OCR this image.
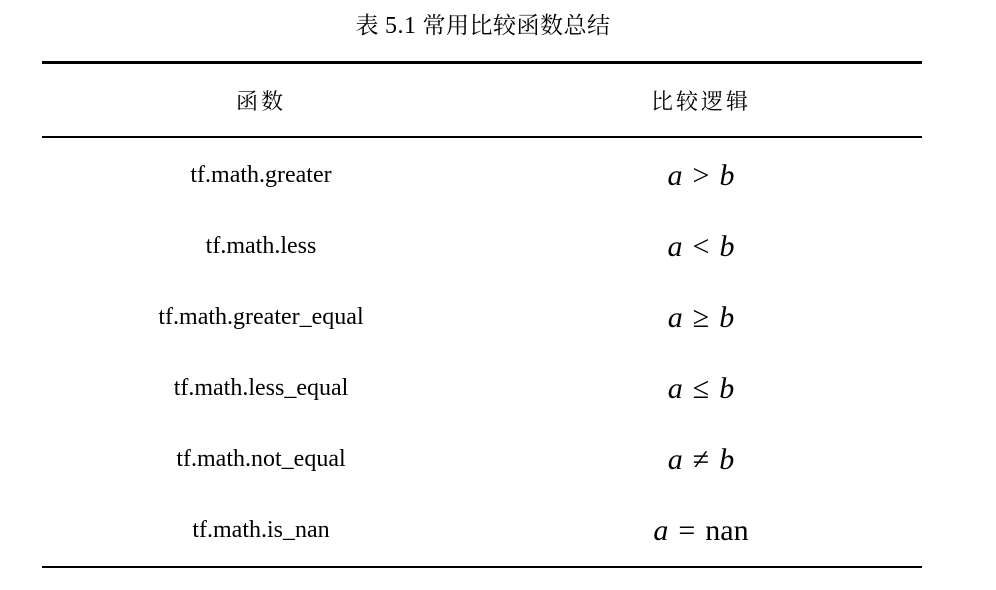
表 5.1 常用比较函数总结
函数	比较逻辑
tf.math.greater	a > b
tf.math.less	a < b
tf.math.greater_equal	a ≥ b
tf.math.less_equal	a ≤ b
tf.math.not_equal	a ≠ b
tf.math.is_nan	a = nan
